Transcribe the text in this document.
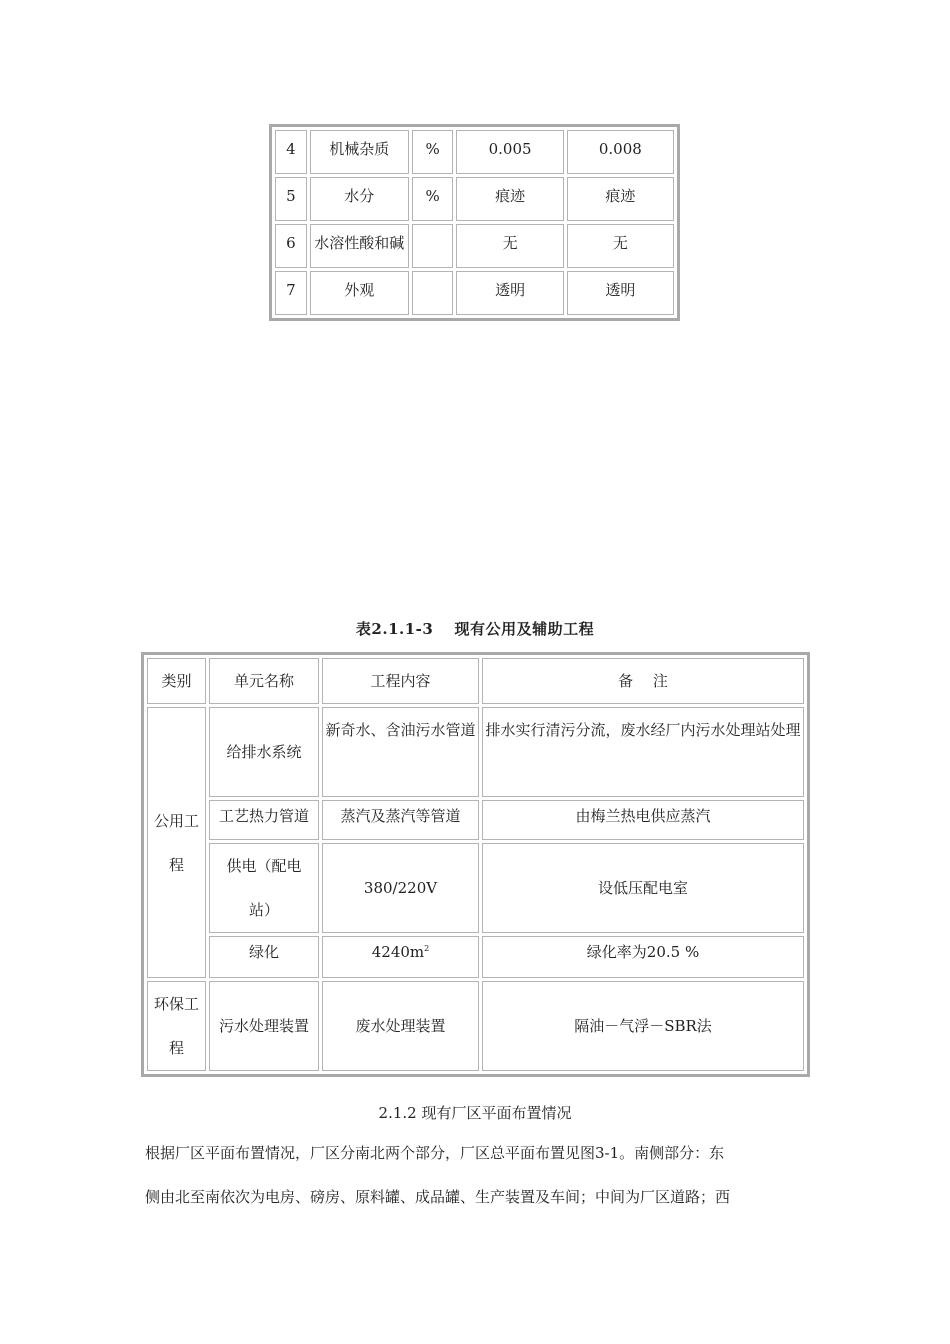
4	机械杂质	%	0.005	0.008
5	水分	%	痕迹	痕迹
6	水溶性酸和碱		无	无
7	外观		透明	透明
表2.1.1-3　 现有公用及辅助工程
类别	单元名称	工程内容	备　 注
公用工程	给排水系统	新奇水、含油污水管道	排水实行清污分流，废水经厂内污水处理站处理
	工艺热力管道	蒸汽及蒸汽等管道	由梅兰热电供应蒸汽
	供电（配电站）	380/220V	设低压配电室
	绿化	$4240m^2$	绿化率为20.5 %
环保工程	污水处理装置	废水处理装置	隔油－气浮－SBR法
2.1.2 现有厂区平面布置情况
根据厂区平面布置情况，厂区分南北两个部分，厂区总平面布置见图3-1。南侧部分：东
侧由北至南依次为电房、磅房、原料罐、成品罐、生产装置及车间；中间为厂区道路；西
